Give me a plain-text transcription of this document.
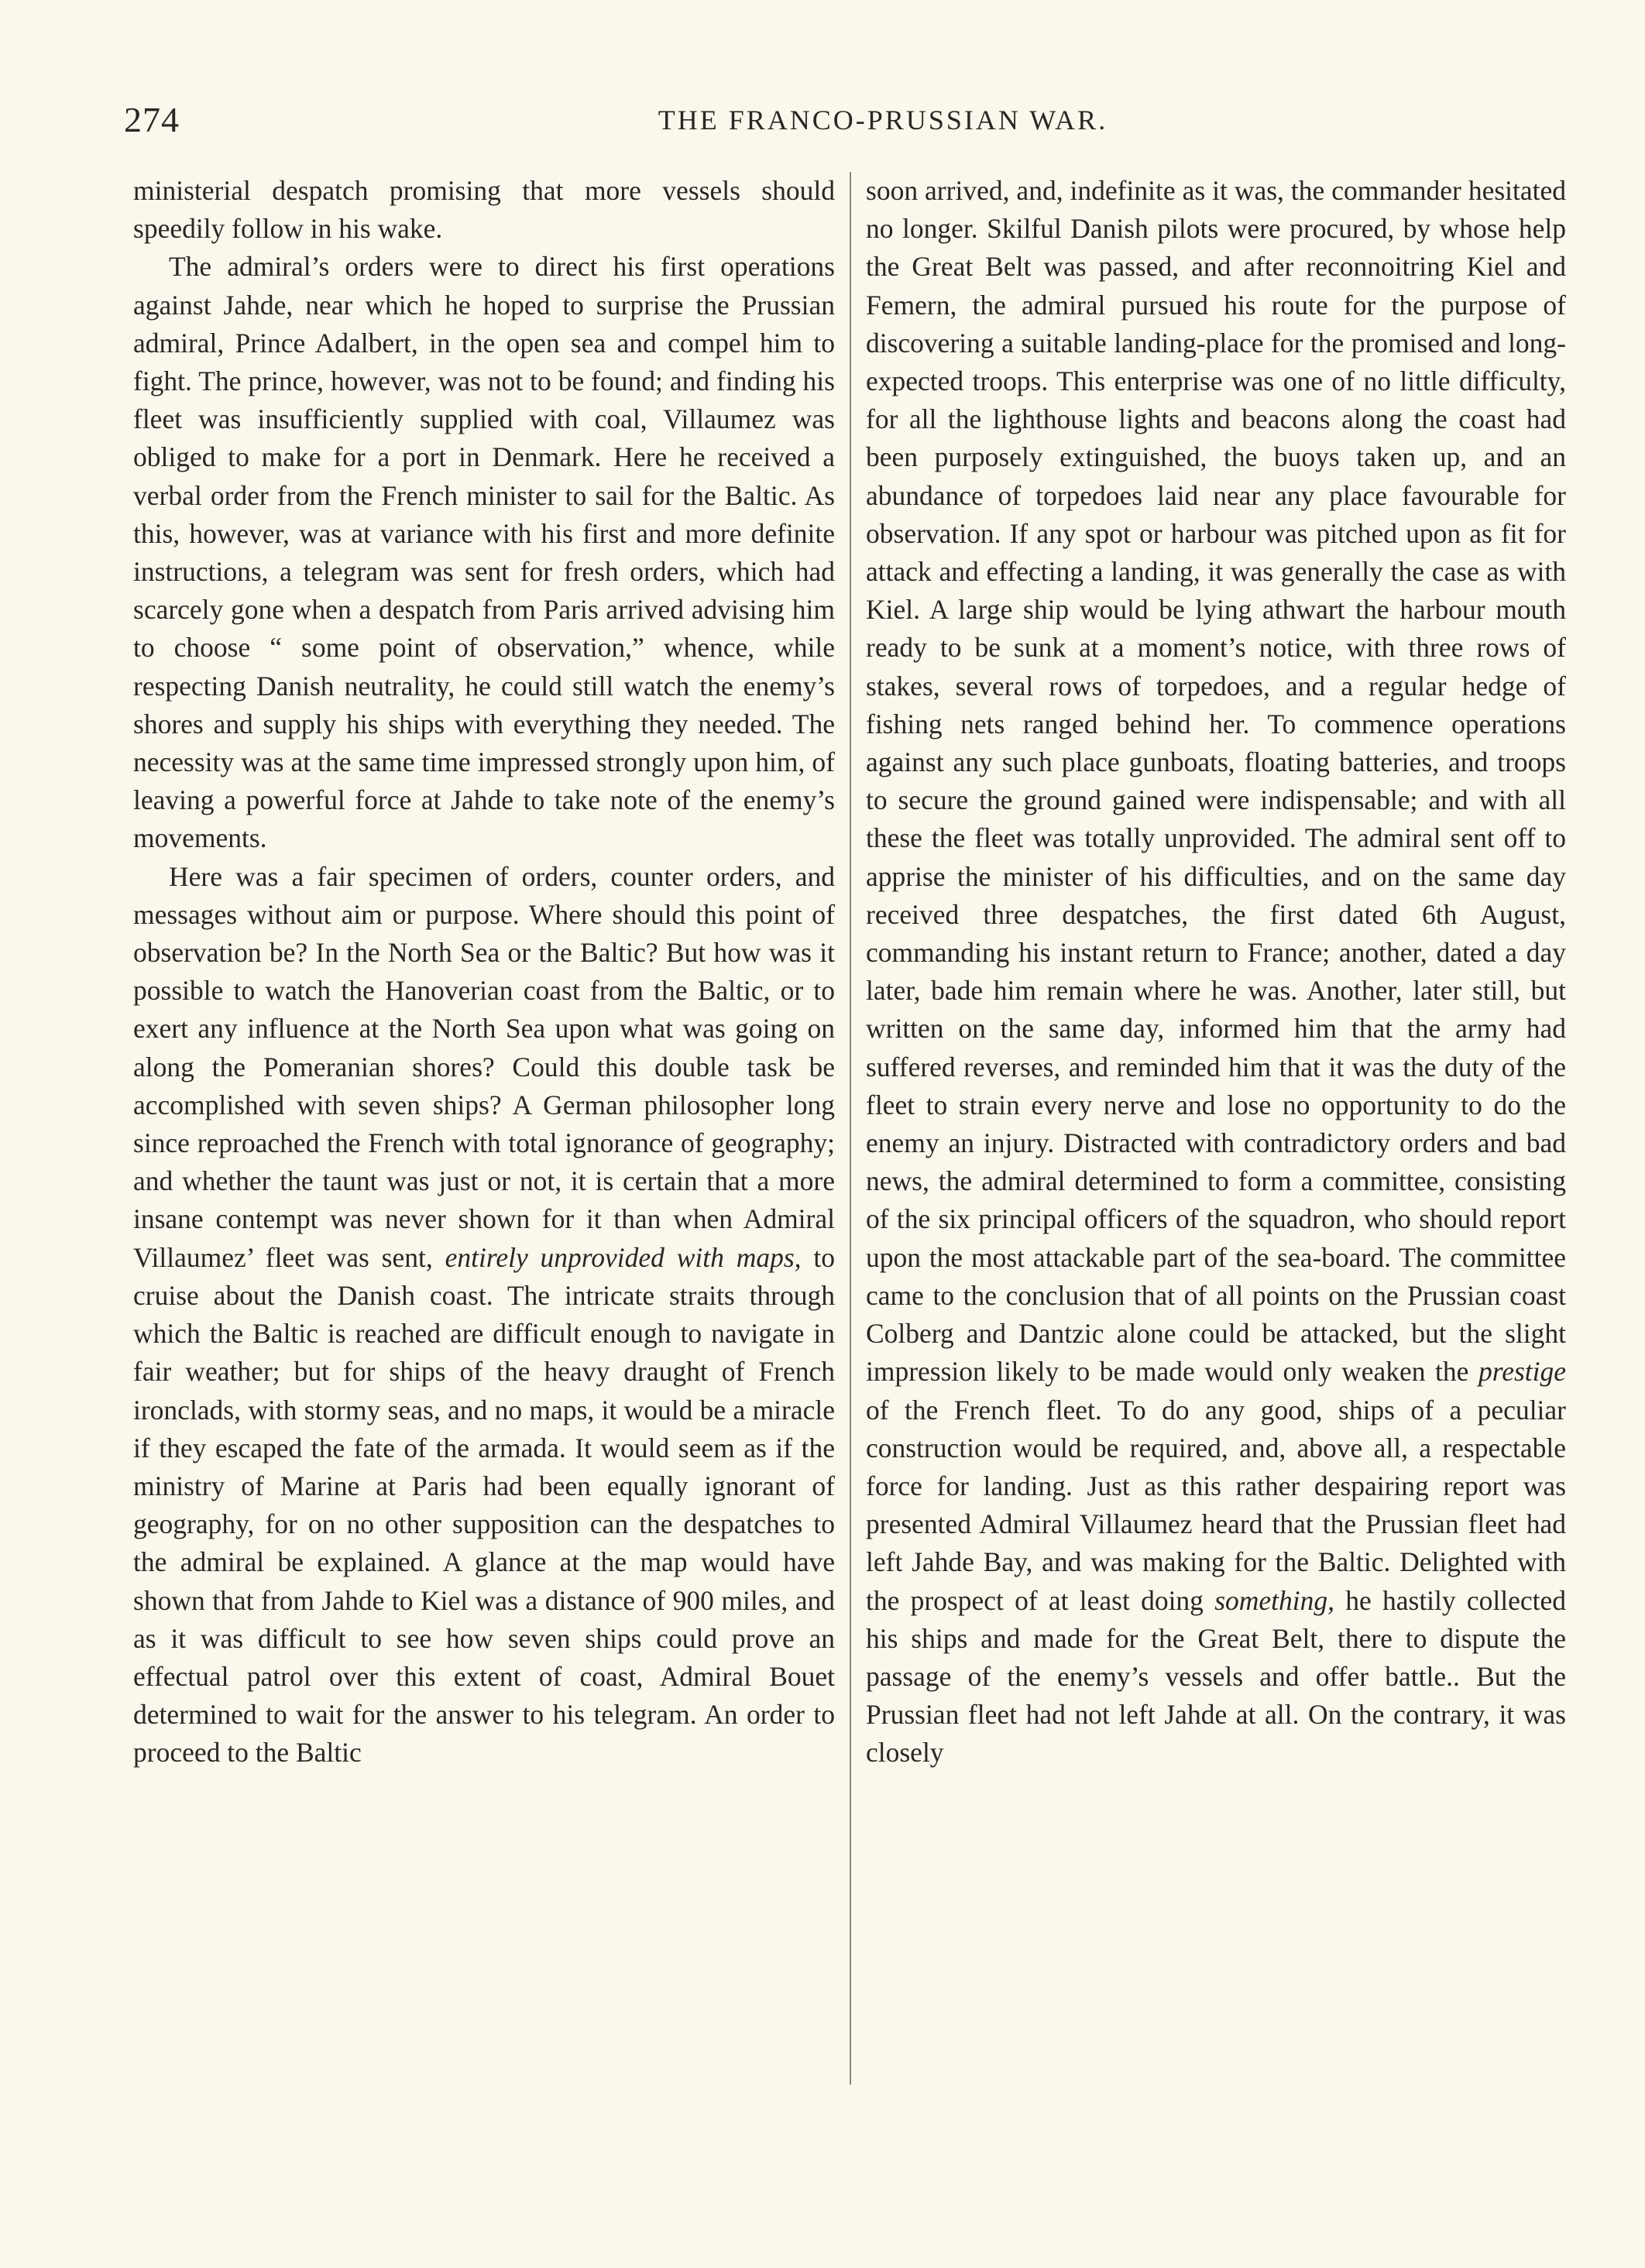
274	THE FRANCO-PRUSSIAN WAR.

ministerial despatch promising that more vessels should speedily follow in his wake.

The admiral’s orders were to direct his first operations against Jahde, near which he hoped to surprise the Prussian admiral, Prince Adalbert, in the open sea and compel him to fight. The prince, however, was not to be found; and finding his fleet was insufficiently supplied with coal, Villaumez was obliged to make for a port in Denmark. Here he received a verbal order from the French minister to sail for the Baltic. As this, however, was at variance with his first and more definite instructions, a telegram was sent for fresh orders, which had scarcely gone when a despatch from Paris arrived advising him to choose “ some point of observation,” whence, while respecting Danish neutrality, he could still watch the enemy’s shores and supply his ships with everything they needed. The necessity was at the same time impressed strongly upon him, of leaving a powerful force at Jahde to take note of the enemy’s movements.

Here was a fair specimen of orders, counter orders, and messages without aim or purpose. Where should this point of observation be? In the North Sea or the Baltic? But how was it possible to watch the Hanoverian coast from the Baltic, or to exert any influence at the North Sea upon what was going on along the Pomeranian shores? Could this double task be accomplished with seven ships? A German philosopher long since reproached the French with total ignorance of geography; and whether the taunt was just or not, it is certain that a more insane contempt was never shown for it than when Admiral Villaumez’ fleet was sent, entirely unprovided with maps, to cruise about the Danish coast. The intricate straits through which the Baltic is reached are difficult enough to navigate in fair weather; but for ships of the heavy draught of French ironclads, with stormy seas, and no maps, it would be a miracle if they escaped the fate of the armada. It would seem as if the ministry of Marine at Paris had been equally ignorant of geography, for on no other supposition can the despatches to the admiral be explained. A glance at the map would have shown that from Jahde to Kiel was a distance of 900 miles, and as it was difficult to see how seven ships could prove an effectual patrol over this extent of coast, Admiral Bouet determined to wait for the answer to his telegram. An order to proceed to the Baltic

soon arrived, and, indefinite as it was, the commander hesitated no longer. Skilful Danish pilots were procured, by whose help the Great Belt was passed, and after reconnoitring Kiel and Femern, the admiral pursued his route for the purpose of discovering a suitable landing-place for the promised and long-expected troops. This enterprise was one of no little difficulty, for all the lighthouse lights and beacons along the coast had been purposely extinguished, the buoys taken up, and an abundance of torpedoes laid near any place favourable for observation. If any spot or harbour was pitched upon as fit for attack and effecting a landing, it was generally the case as with Kiel. A large ship would be lying athwart the harbour mouth ready to be sunk at a moment’s notice, with three rows of stakes, several rows of torpedoes, and a regular hedge of fishing nets ranged behind her. To commence operations against any such place gunboats, floating batteries, and troops to secure the ground gained were indispensable; and with all these the fleet was totally unprovided. The admiral sent off to apprise the minister of his difficulties, and on the same day received three despatches, the first dated 6th August, commanding his instant return to France; another, dated a day later, bade him remain where he was. Another, later still, but written on the same day, informed him that the army had suffered reverses, and reminded him that it was the duty of the fleet to strain every nerve and lose no opportunity to do the enemy an injury. Distracted with contradictory orders and bad news, the admiral determined to form a committee, consisting of the six principal officers of the squadron, who should report upon the most attackable part of the sea-board. The committee came to the conclusion that of all points on the Prussian coast Colberg and Dantzic alone could be attacked, but the slight impression likely to be made would only weaken the prestige of the French fleet. To do any good, ships of a peculiar construction would be required, and, above all, a respectable force for landing. Just as this rather despairing report was presented Admiral Villaumez heard that the Prussian fleet had left Jahde Bay, and was making for the Baltic. Delighted with the prospect of at least doing something, he hastily collected his ships and made for the Great Belt, there to dispute the passage of the enemy’s vessels and offer battle.. But the Prussian fleet had not left Jahde at all. On the contrary, it was closely
